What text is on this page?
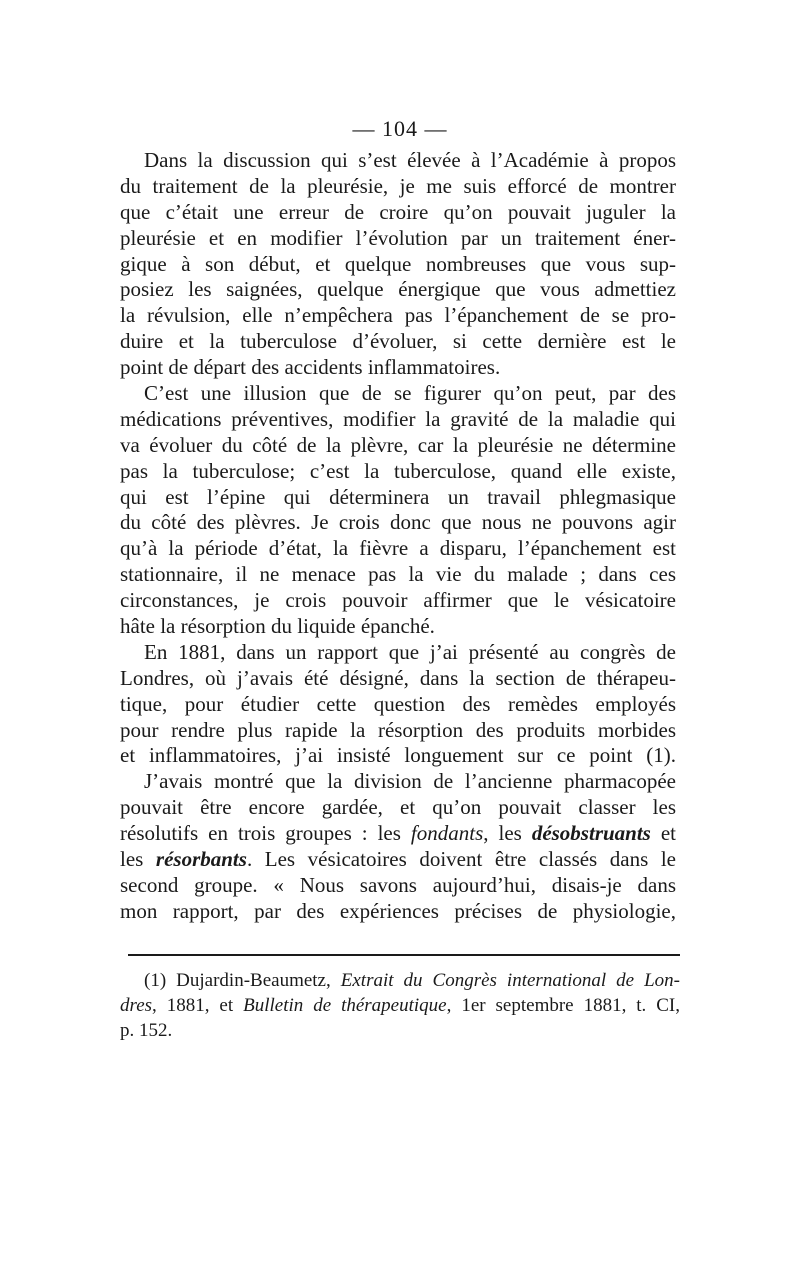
— 104 —
Dans la discussion qui s’est élevée à l’Académie à propos
du traitement de la pleurésie, je me suis efforcé de montrer
que c’était une erreur de croire qu’on pouvait juguler la
pleurésie et en modifier l’évolution par un traitement éner-
gique à son début, et quelque nombreuses que vous sup-
posiez les saignées, quelque énergique que vous admettiez
la révulsion, elle n’empêchera pas l’épanchement de se pro-
duire et la tuberculose d’évoluer, si cette dernière est le
point de départ des accidents inflammatoires.
C’est une illusion que de se figurer qu’on peut, par des
médications préventives, modifier la gravité de la maladie qui
va évoluer du côté de la plèvre, car la pleurésie ne détermine
pas la tuberculose; c’est la tuberculose, quand elle existe,
qui est l’épine qui déterminera un travail phlegmasique
du côté des plèvres. Je crois donc que nous ne pouvons agir
qu’à la période d’état, la fièvre a disparu, l’épanchement est
stationnaire, il ne menace pas la vie du malade ; dans ces
circonstances, je crois pouvoir affirmer que le vésicatoire
hâte la résorption du liquide épanché.
En 1881, dans un rapport que j’ai présenté au congrès de
Londres, où j’avais été désigné, dans la section de thérapeu-
tique, pour étudier cette question des remèdes employés
pour rendre plus rapide la résorption des produits morbides
et inflammatoires, j’ai insisté longuement sur ce point (1).
J’avais montré que la division de l’ancienne pharmacopée
pouvait être encore gardée, et qu’on pouvait classer les
résolutifs en trois groupes : les fondants, les désobstruants et
les résorbants. Les vésicatoires doivent être classés dans le
second groupe. « Nous savons aujourd’hui, disais-je dans
mon rapport, par des expériences précises de physiologie,
(1) Dujardin-Beaumetz, Extrait du Congrès international de Lon-
dres, 1881, et Bulletin de thérapeutique, 1er septembre 1881, t. CI,
p. 152.
